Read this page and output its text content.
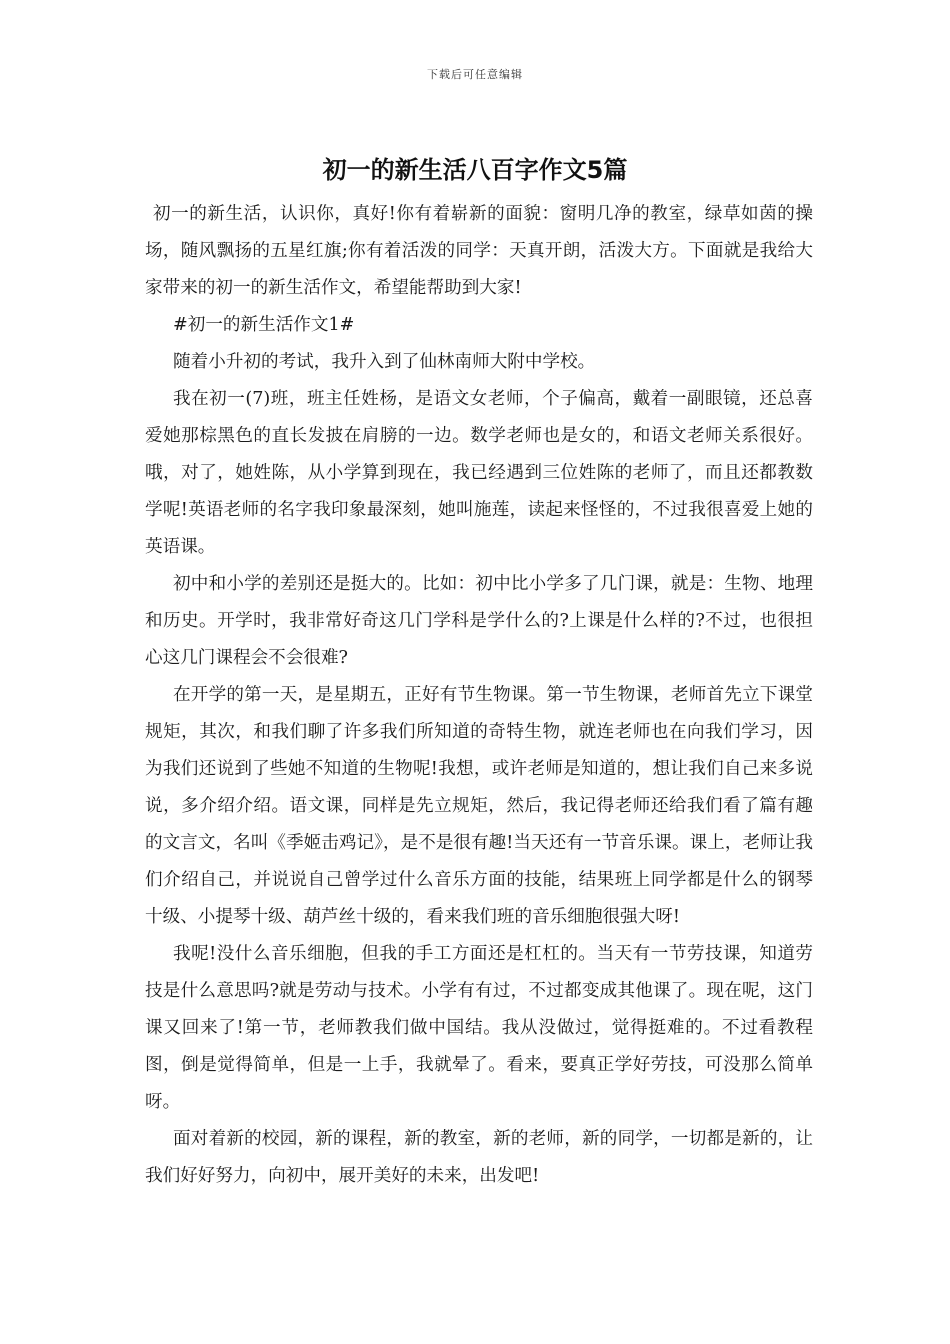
下载后可任意编辑
初一的新生活八百字作文5篇

初一的新生活，认识你，真好!你有着崭新的面貌：窗明几净的教室，绿草如茵的操场，随风飘扬的五星红旗;你有着活泼的同学：天真开朗，活泼大方。下面就是我给大家带来的初一的新生活作文，希望能帮助到大家!

#初一的新生活作文1#

随着小升初的考试，我升入到了仙林南师大附中学校。

我在初一(7)班，班主任姓杨，是语文女老师，个子偏高，戴着一副眼镜，还总喜爱她那棕黑色的直长发披在肩膀的一边。数学老师也是女的，和语文老师关系很好。哦，对了，她姓陈，从小学算到现在，我已经遇到三位姓陈的老师了，而且还都教数学呢!英语老师的名字我印象最深刻，她叫施莲，读起来怪怪的，不过我很喜爱上她的英语课。

初中和小学的差别还是挺大的。比如：初中比小学多了几门课，就是：生物、地理和历史。开学时，我非常好奇这几门学科是学什么的?上课是什么样的?不过，也很担心这几门课程会不会很难?

在开学的第一天，是星期五，正好有节生物课。第一节生物课，老师首先立下课堂规矩，其次，和我们聊了许多我们所知道的奇特生物，就连老师也在向我们学习，因为我们还说到了些她不知道的生物呢!我想，或许老师是知道的，想让我们自己来多说说，多介绍介绍。语文课，同样是先立规矩，然后，我记得老师还给我们看了篇有趣的文言文，名叫《季姬击鸡记》，是不是很有趣!当天还有一节音乐课。课上，老师让我们介绍自己，并说说自己曾学过什么音乐方面的技能，结果班上同学都是什么的钢琴十级、小提琴十级、葫芦丝十级的，看来我们班的音乐细胞很强大呀!

我呢!没什么音乐细胞，但我的手工方面还是杠杠的。当天有一节劳技课，知道劳技是什么意思吗?就是劳动与技术。小学有有过，不过都变成其他课了。现在呢，这门课又回来了!第一节，老师教我们做中国结。我从没做过，觉得挺难的。不过看教程图，倒是觉得简单，但是一上手，我就晕了。看来，要真正学好劳技，可没那么简单呀。

面对着新的校园，新的课程，新的教室，新的老师，新的同学，一切都是新的，让我们好好努力，向初中，展开美好的未来，出发吧!
